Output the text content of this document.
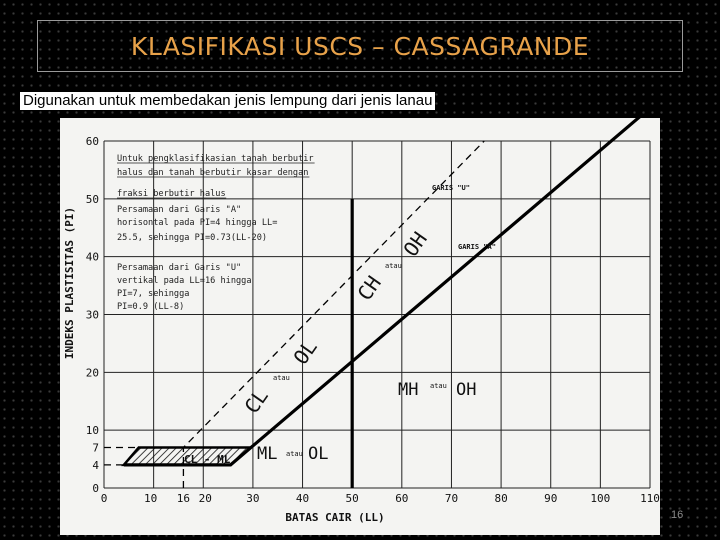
KLASIFIKASI USCS – CASSAGRANDE
Digunakan untuk membedakan jenis lempung dari jenis lanau
0	10 16 20	30	40	50	60	70	80	90	100	110
0
4
7
10
20
30
40
50
60
BATAS CAIR (LL)
INDEKS PLASTISITAS (PI)
CL
atau
OL
CH
atau
OH
MH atau OH
ML atau OL
CL - ML
GARIS "U"
GARIS "A"
Untuk pengklasifikasian tanah berbutir
halus dan tanah berbutir kasar dengan
fraksi berbutir halus
Persamaan dari Garis "A"
horisontal pada PI=4 hingga LL=
25.5, sehingga PI=0.73(LL-20)
Persamaan dari Garis "U"
vertikal pada LL=16 hingga
PI=7, sehingga
PI=0.9 (LL-8)
16
